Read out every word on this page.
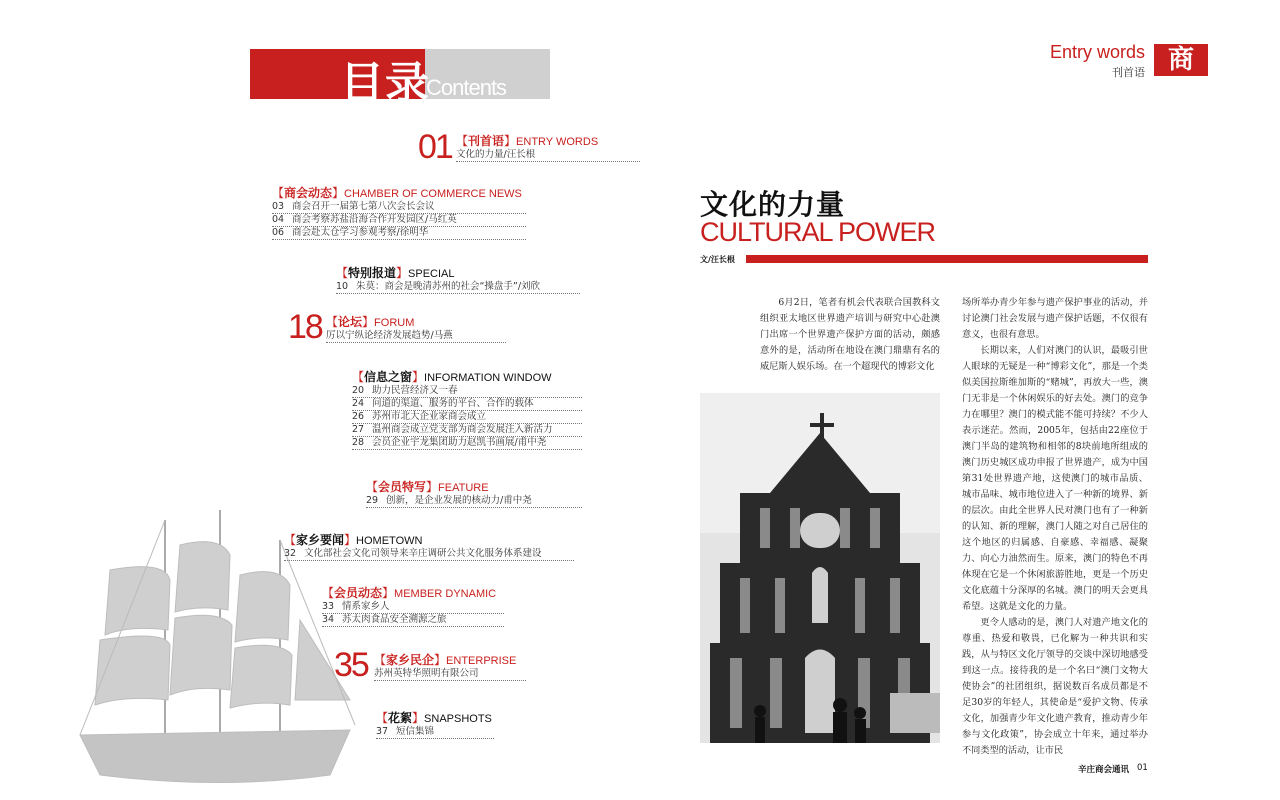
目录
Contents
01 【刊首语】ENTRY WORDS
文化的力量/汪长根
【商会动态】CHAMBER OF COMMERCE NEWS
03 商会召开一届第七第八次会长会议
04 商会考察苏盐沿海合作开发园区/马红英
06 商会赴太仓学习参观考察/徐明华
【特别报道】SPECIAL
10 朱莫：商会是晚清苏州的社会“操盘手”/刘欣
18 【论坛】FORUM
厉以宁纵论经济发展趋势/马燕
【信息之窗】INFORMATION WINDOW
20 助力民营经济又一春
24 问道的渠道、服务的平台、合作的载体
26 苏州市北大企业家商会成立
27 温州商会成立党支部为商会发展注入新活力
28 会员企业宇龙集团助力赵凯书画展/甫中尧
【会员特写】FEATURE
29 创新，是企业发展的核动力/甫中尧
【家乡要闻】HOMETOWN
32 文化部社会文化司领导来辛庄调研公共文化服务体系建设
【会员动态】MEMBER DYNAMIC
33 情系家乡人
34 苏太肉食品安全溯源之旅
35 【家乡民企】ENTERPRISE
苏州英特华照明有限公司
【花絮】SNAPSHOTS
37 短信集锦
Entry words
刊首语 商
文化的力量
CULTURAL POWER
文/汪长根

6月2日，笔者有机会代表联合国教科文组织亚太地区世界遗产培训与研究中心赴澳门出席一个世界遗产保护方面的活动，颇感意外的是，活动所在地设在澳门鼎鼎有名的威尼斯人娱乐场。在一个超现代的博彩文化

场所举办青少年参与遗产保护事业的活动，并讨论澳门社会发展与遗产保护话题，不仅很有意义，也很有意思。

长期以来，人们对澳门的认识，最吸引世人眼球的无疑是一种“博彩文化”，那是一个类似美国拉斯维加斯的“赌城”，再放大一些，澳门无非是一个休闲娱乐的好去处。澳门的竞争力在哪里？澳门的模式能不能可持续？不少人表示迷茫。然而，2005年，包括由22座位于澳门半岛的建筑物和相邻的8块前地所组成的澳门历史城区成功申报了世界遗产，成为中国第31处世界遗产地，这使澳门的城市品质、城市品味、城市地位进入了一种新的境界、新的层次。由此全世界人民对澳门也有了一种新的认知、新的理解，澳门人随之对自己居住的这个地区的归属感、自豪感、幸福感、凝聚力、向心力油然而生。原来，澳门的特色不再体现在它是一个休闲旅游胜地，更是一个历史文化底蕴十分深厚的名城。澳门的明天会更具希望。这就是文化的力量。

更令人感动的是，澳门人对遗产地文化的尊重、热爱和敬畏，已化解为一种共识和实践，从与特区文化厅领导的交谈中深切地感受到这一点。接待我的是一个名曰“澳门文物大使协会”的社团组织，据说数百名成员都是不足30岁的年轻人，其使命是“爱护文物、传承文化，加强青少年文化遗产教育，推动青少年参与文化政策”，协会成立十年来，通过举办不同类型的活动，让市民

辛庄商会通讯 01
